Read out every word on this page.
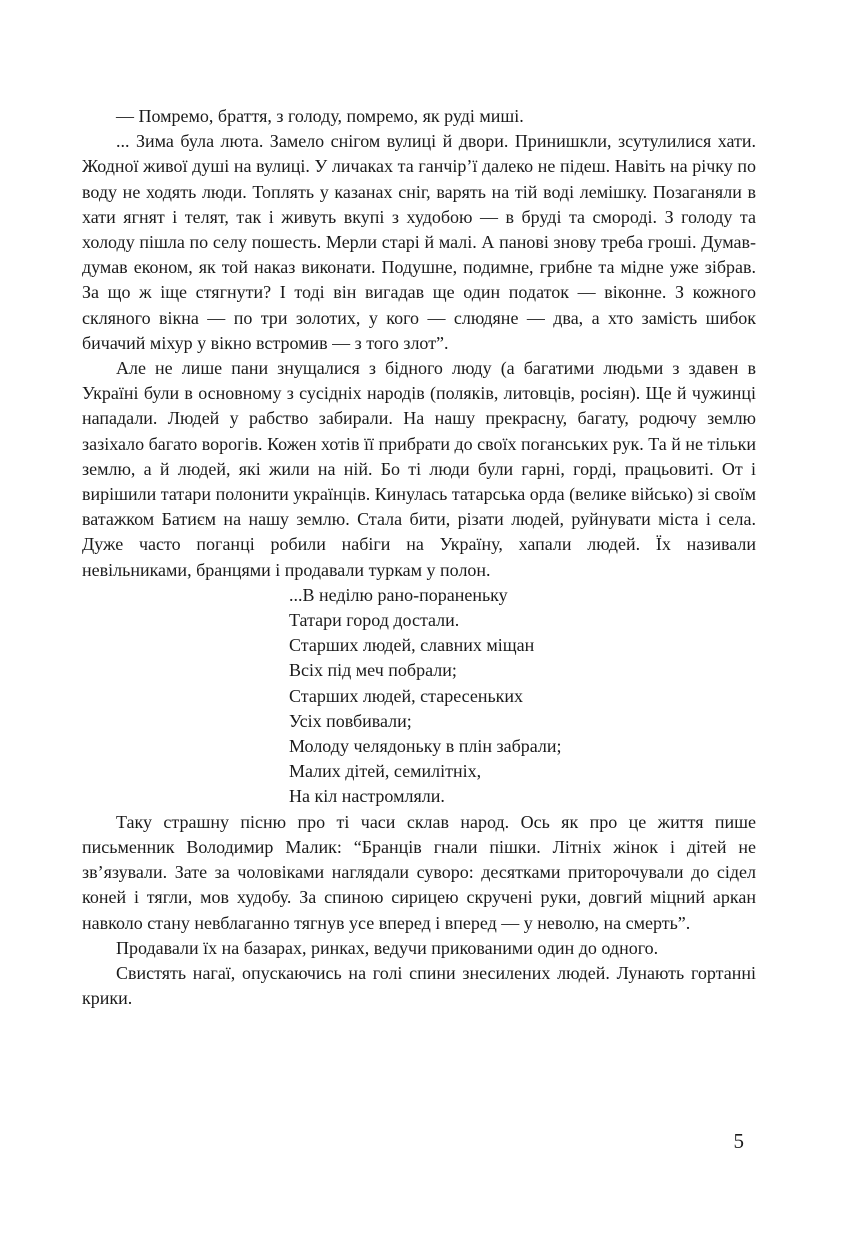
— Помремо, браття, з голоду, помремо, як руді миші.

... Зима була люта. Замело снігом вулиці й двори. Принишкли, зсутулилися хати. Жодної живої душі на вулиці. У личаках та ганчір’ї далеко не підеш. Навіть на річку по воду не ходять люди. Топлять у казанах сніг, варять на тій воді лемішку. Позаганяли в хати ягнят і телят, так і живуть вкупі з худобою — в бруді та смороді. З голоду та холоду пішла по селу пошесть. Мерли старі й малі. А панові знову треба гроші. Думав-думав економ, як той наказ виконати. Подушне, подимне, грибне та мідне уже зібрав. За що ж іще стягнути? І тоді він вигадав ще один податок — віконне. З кожного скляного вікна — по три золотих, у кого — слюдяне — два, а хто замість шибок бичачий міхур у вікно встромив — з того злот”.

Але не лише пани знущалися з бідного люду (а багатими людьми з здавен в Україні були в основному з сусідніх народів (поляків, литовців, росіян). Ще й чужинці нападали. Людей у рабство забирали. На нашу прекрасну, багату, родючу землю зазіхало багато ворогів. Кожен хотів її прибрати до своїх поганських рук. Та й не тільки землю, а й людей, які жили на ній. Бо ті люди були гарні, горді, працьовиті. От і вирішили татари полонити українців. Кинулась татарська орда (велике військо) зі своїм ватажком Батиєм на нашу землю. Стала бити, різати людей, руйнувати міста і села. Дуже часто поганці робили набіги на Україну, хапали людей. Їх називали невільниками, бранцями і продавали туркам у полон.

...В неділю рано-пораненьку
Татари город достали.
Старших людей, славних міщан
Всіх під меч побрали;
Старших людей, старесеньких
Усіх повбивали;
Молоду челядоньку в плін забрали;
Малих дітей, семилітніх,
На кіл настромляли.

Таку страшну пісню про ті часи склав народ. Ось як про це життя пише письменник Володимир Малик: “Бранців гнали пішки. Літніх жінок і дітей не зв’язували. Зате за чоловіками наглядали суворо: десятками приторочували до сідел коней і тягли, мов худобу. За спиною сирицею скручені руки, довгий міцний аркан навколо стану невблаганно тягнув усе вперед і вперед — у неволю, на смерть”.

Продавали їх на базарах, ринках, ведучи прикованими один до одного.

Свистять нагаї, опускаючись на голі спини знесилених людей. Лунають гортанні крики.

5
